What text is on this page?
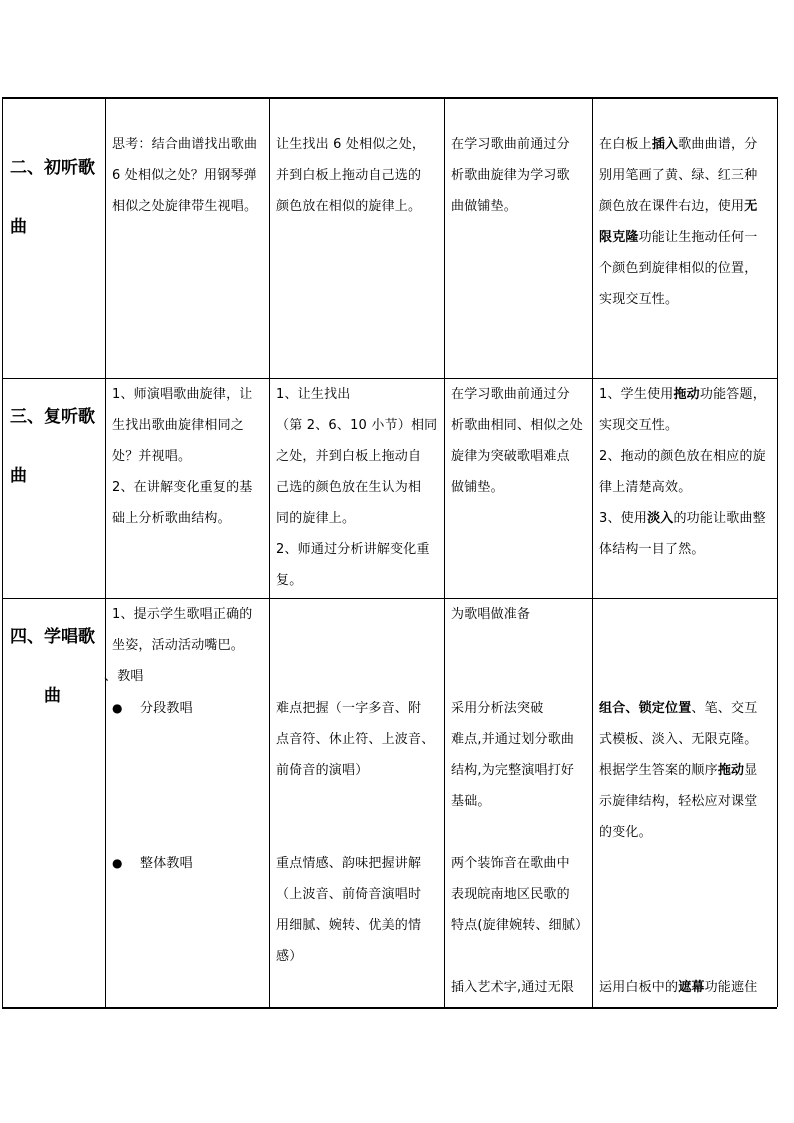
二、初听歌

曲

思考：结合曲谱找出歌曲

6 处相似之处？用钢琴弹

相似之处旋律带生视唱。

让生找出 6 处相似之处，

并到白板上拖动自己选的

颜色放在相似的旋律上。

在学习歌曲前通过分

析歌曲旋律为学习歌

曲做铺垫。

在白板上插入歌曲曲谱，分

别用笔画了黄、绿、红三种

颜色放在课件右边，使用无

限克隆功能让生拖动任何一

个颜色到旋律相似的位置，

实现交互性。

三、复听歌

曲

1、师演唱歌曲旋律，让

生找出歌曲旋律相同之

处？并视唱。

2、在讲解变化重复的基

础上分析歌曲结构。

1、让生找出

（第 2、6、10 小节）相同

之处，并到白板上拖动自

己选的颜色放在生认为相

同的旋律上。

2、师通过分析讲解变化重

复。

在学习歌曲前通过分

析歌曲相同、相似之处

旋律为突破歌唱难点

做铺垫。

1、学生使用拖动功能答题，

实现交互性。

2、拖动的颜色放在相应的旋

律上清楚高效。

3、使用淡入的功能让歌曲整

体结构一目了然。

四、学唱歌

曲

1、提示学生歌唱正确的

坐姿，活动活动嘴巴。

、教唱

● 分段教唱

● 整体教唱

难点把握（一字多音、附

点音符、休止符、上波音、

前倚音的演唱）

重点情感、韵味把握讲解

（上波音、前倚音演唱时

用细腻、婉转、优美的情

感）

为歌唱做准备

采用分析法突破

难点,并通过划分歌曲

结构,为完整演唱打好

基础。

两个装饰音在歌曲中

表现皖南地区民歌的

特点(旋律婉转、细腻）

插入艺术字,通过无限

组合、锁定位置、笔、交互

式模板、淡入、无限克隆。

根据学生答案的顺序拖动显

示旋律结构，轻松应对课堂

的变化。

运用白板中的遮幕功能遮住
